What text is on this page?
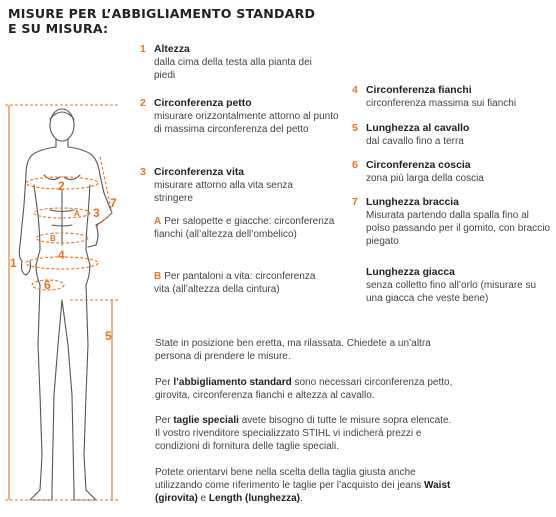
MISURE PER L’ABBIGLIAMENTO STANDARD
E SU MISURA:
1
2
3
4
5
6
7
A
B
1 Altezza
dalla cima della testa alla pianta dei piedi
2 Circonferenza petto
misurare orizzontalmente attorno al punto di massima circonferenza del petto
3 Circonferenza vita
misurare attorno alla vita senza stringere
A Per salopette e giacche: circonferenza fianchi (all’altezza dell’ombelico)
B Per pantaloni a vita: circonferenza vita (all’altezza della cintura)
4 Circonferenza fianchi
circonferenza massima sui fianchi
5 Lunghezza al cavallo
dal cavallo fino a terra
6 Circonferenza coscia
zona più larga della coscia
7 Lunghezza braccia
Misurata partendo dalla spalla fino al polso passando per il gomito, con braccio piegato
Lunghezza giacca
senza colletto fino all’orlo (misurare su una giacca che veste bene)
State in posizione ben eretta, ma rilassata. Chiedete a un’altra persona di prendere le misure.
Per l’abbigliamento standard sono necessari circonferenza petto, girovita, circonferenza fianchi e altezza al cavallo.
Per taglie speciali avete bisogno di tutte le misure sopra elencate. Il vostro rivenditore specializzato STIHL vi indicherà prezzi e condizioni di fornitura delle taglie speciali.
Potete orientarvi bene nella scelta della taglia giusta anche utilizzando come riferimento le taglie per l’acquisto dei jeans Waist (girovita) e Length (lunghezza).
